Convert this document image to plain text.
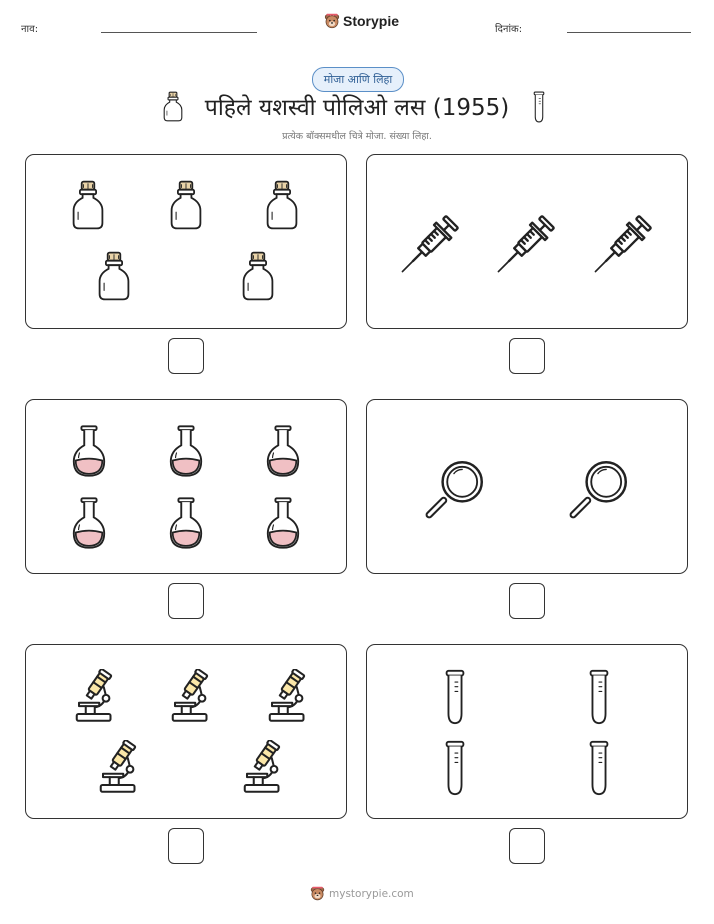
नाव:
Storypie
दिनांक:
मोजा आणि लिहा
पहिले यशस्वी पोलिओ लस (1955)
प्रत्येक बॉक्समधील चित्रे मोजा. संख्या लिहा.
mystorypie.com
